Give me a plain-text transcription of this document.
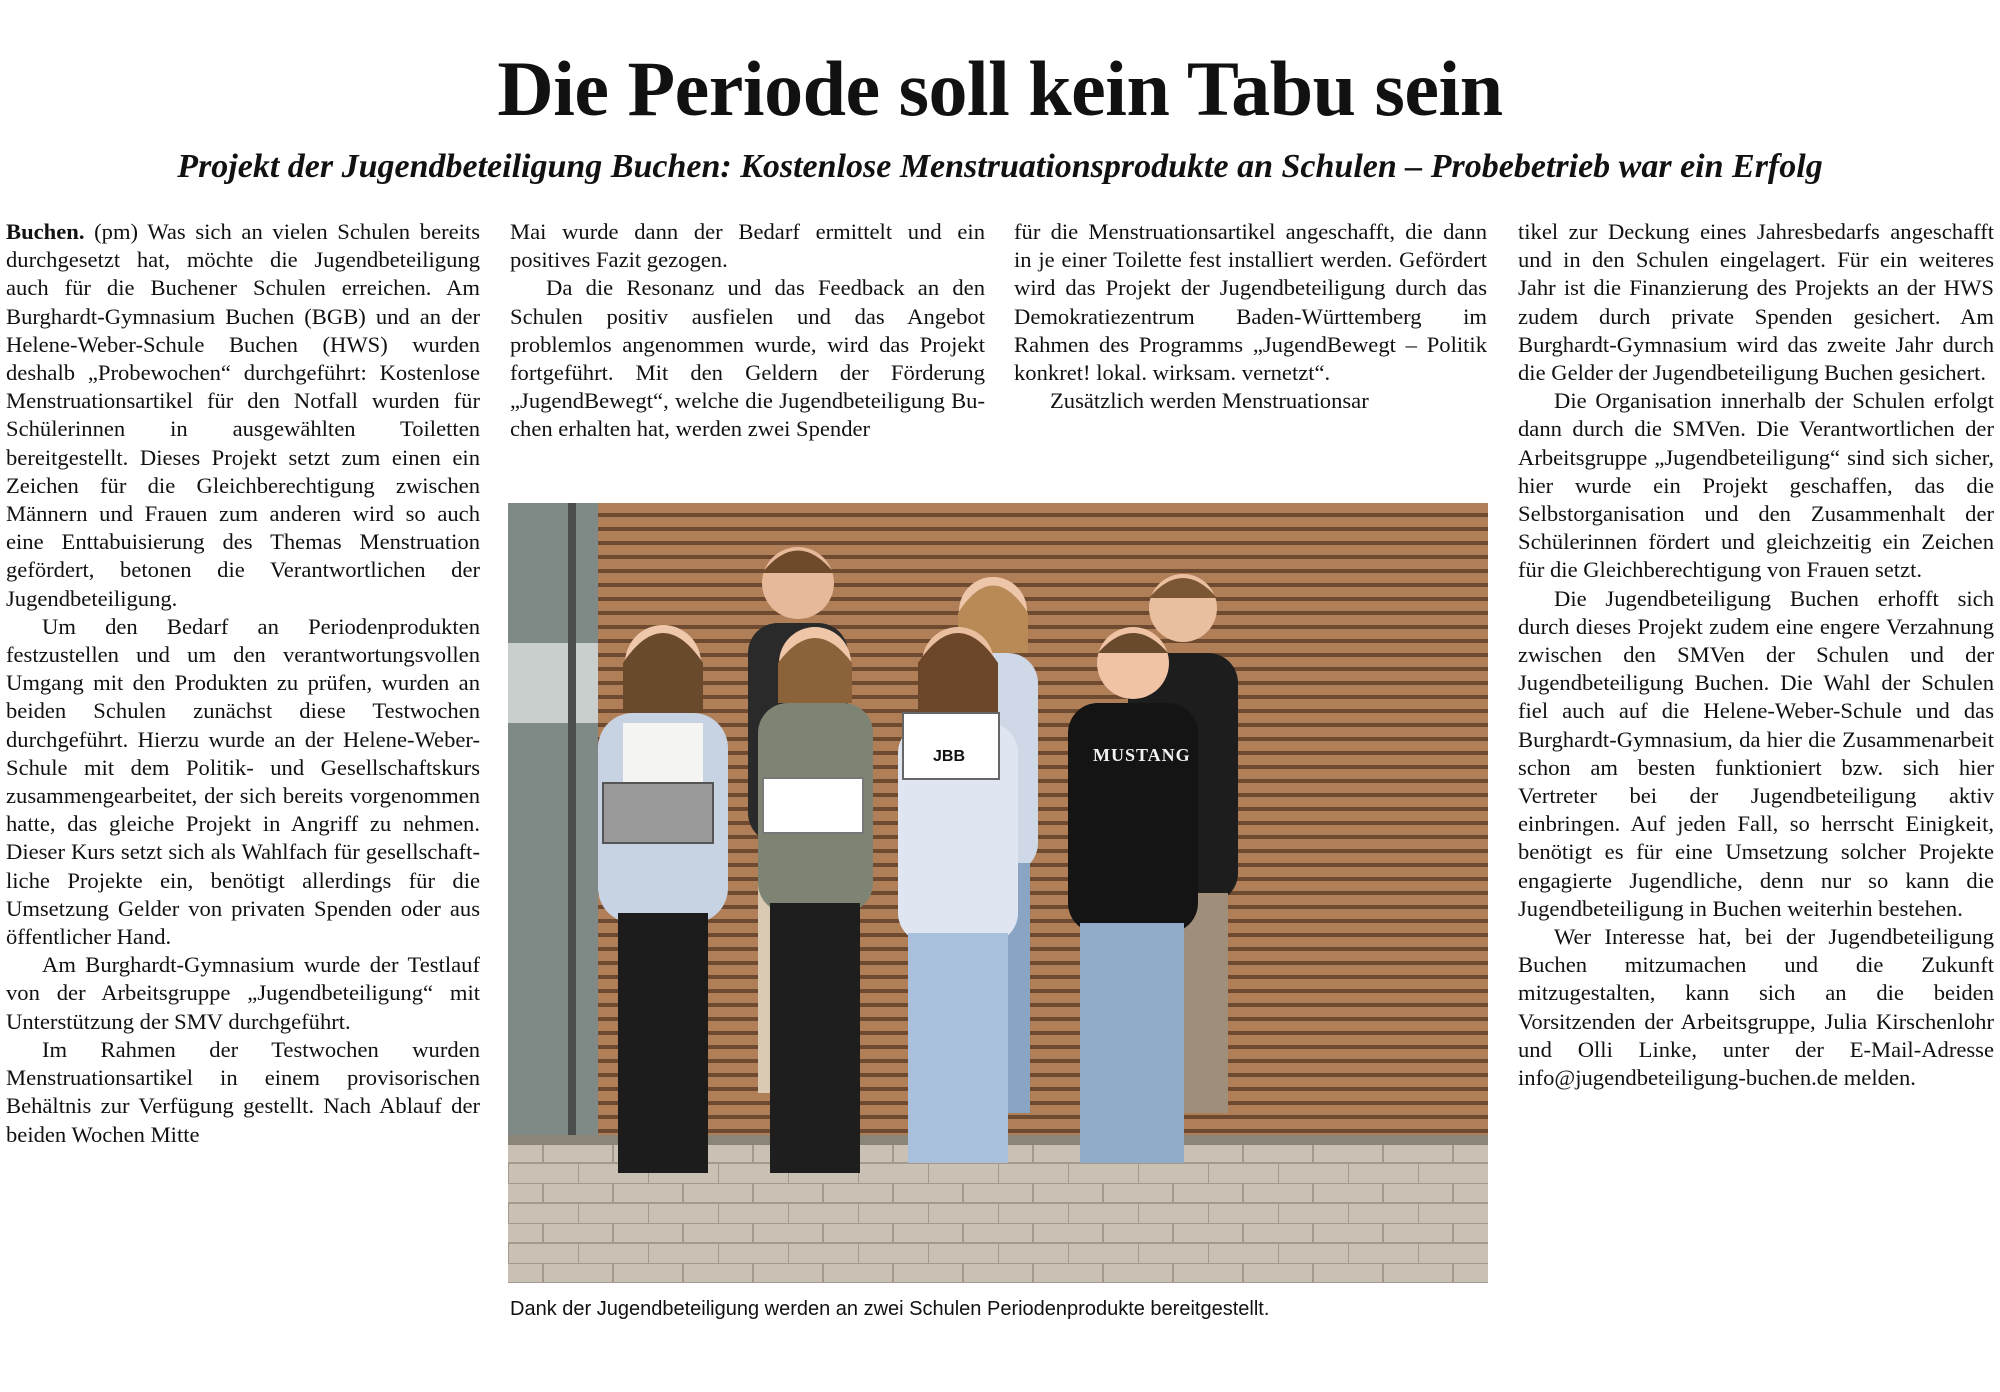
Die Periode soll kein Tabu sein
Projekt der Jugendbeteiligung Buchen: Kostenlose Menstruationsprodukte an Schulen – Probebetrieb war ein Erfolg

Buchen. (pm) Was sich an vielen Schulen bereits durchgesetzt hat, möchte die Jugendbeteiligung auch für die Buchener Schulen erreichen. Am Burghardt-Gymnasium Buchen (BGB) und an der Helene-Weber-Schule Buchen (HWS) wurden deshalb „Probewochen“ durchgeführt: Kostenlose Menstruationsartikel für den Notfall wurden für Schülerinnen in ausgewählten Toiletten bereitgestellt. Dieses Projekt setzt zum einen ein Zeichen für die Gleichberechtigung zwischen Männern und Frauen zum anderen wird so auch eine Enttabuisierung des Themas Menstruation gefördert, betonen die Verantwortlichen der Jugendbeteiligung.

Um den Bedarf an Periodenprodukten festzustellen und um den verantwortungsvollen Umgang mit den Produkten zu prüfen, wurden an beiden Schulen zunächst diese Testwochen durchgeführt. Hierzu wurde an der Helene-Weber-Schule mit dem Politik- und Gesellschaftskurs zusammengearbeitet, der sich bereits vorgenommen hatte, das gleiche Projekt in Angriff zu nehmen. Dieser Kurs setzt sich als Wahlfach für gesellschaftliche Projekte ein, benötigt allerdings für die Umsetzung Gelder von privaten Spenden oder aus öffentlicher Hand.

Am Burghardt-Gymnasium wurde der Testlauf von der Arbeitsgruppe „Jugendbeteiligung“ mit Unterstützung der SMV durchgeführt.

Im Rahmen der Testwochen wurden Menstruationsartikel in einem provisorischen Behältnis zur Verfügung gestellt. Nach Ablauf der beiden Wochen Mitte

Mai wurde dann der Bedarf ermittelt und ein positives Fazit gezogen.

Da die Resonanz und das Feedback an den Schulen positiv ausfielen und das Angebot problemlos angenommen wurde, wird das Projekt fortgeführt. Mit den Geldern der Förderung „JugendBewegt“, welche die Jugendbeteiligung Buchen erhalten hat, werden zwei Spender

für die Menstruationsartikel angeschafft, die dann in je einer Toilette fest installiert werden. Gefördert wird das Projekt der Jugendbeteiligung durch das Demokratiezentrum Baden-Württemberg im Rahmen des Programms „JugendBewegt – Politik konkret! lokal. wirksam. vernetzt“.

Zusätzlich werden Menstruationsar

tikel zur Deckung eines Jahresbedarfs angeschafft und in den Schulen eingelagert. Für ein weiteres Jahr ist die Finanzierung des Projekts an der HWS zudem durch private Spenden gesichert. Am Burghardt-Gymnasium wird das zweite Jahr durch die Gelder der Jugendbeteiligung Buchen gesichert.

Die Organisation innerhalb der Schulen erfolgt dann durch die SMVen. Die Verantwortlichen der Arbeitsgruppe „Jugendbeteiligung“ sind sich sicher, hier wurde ein Projekt geschaffen, das die Selbstorganisation und den Zusammenhalt der Schülerinnen fördert und gleichzeitig ein Zeichen für die Gleichberechtigung von Frauen setzt.

Die Jugendbeteiligung Buchen erhofft sich durch dieses Projekt zudem eine engere Verzahnung zwischen den SMVen der Schulen und der Jugendbeteiligung Buchen. Die Wahl der Schulen fiel auch auf die Helene-Weber-Schule und das Burghardt-Gymnasium, da hier die Zusammenarbeit schon am besten funktioniert bzw. sich hier Vertreter bei der Jugendbeteiligung aktiv einbringen. Auf jeden Fall, so herrscht Einigkeit, benötigt es für eine Umsetzung solcher Projekte engagierte Jugendliche, denn nur so kann die Jugendbeteiligung in Buchen weiterhin bestehen.

Wer Interesse hat, bei der Jugendbeteiligung Buchen mitzumachen und die Zukunft mitzugestalten, kann sich an die beiden Vorsitzenden der Arbeitsgruppe, Julia Kirschenlohr und Olli Linke, unter der E-Mail-Adresse info@jugendbeteiligung-buchen.de melden.

JBB	MUSTANG

Dank der Jugendbeteiligung werden an zwei Schulen Periodenprodukte bereitgestellt.
